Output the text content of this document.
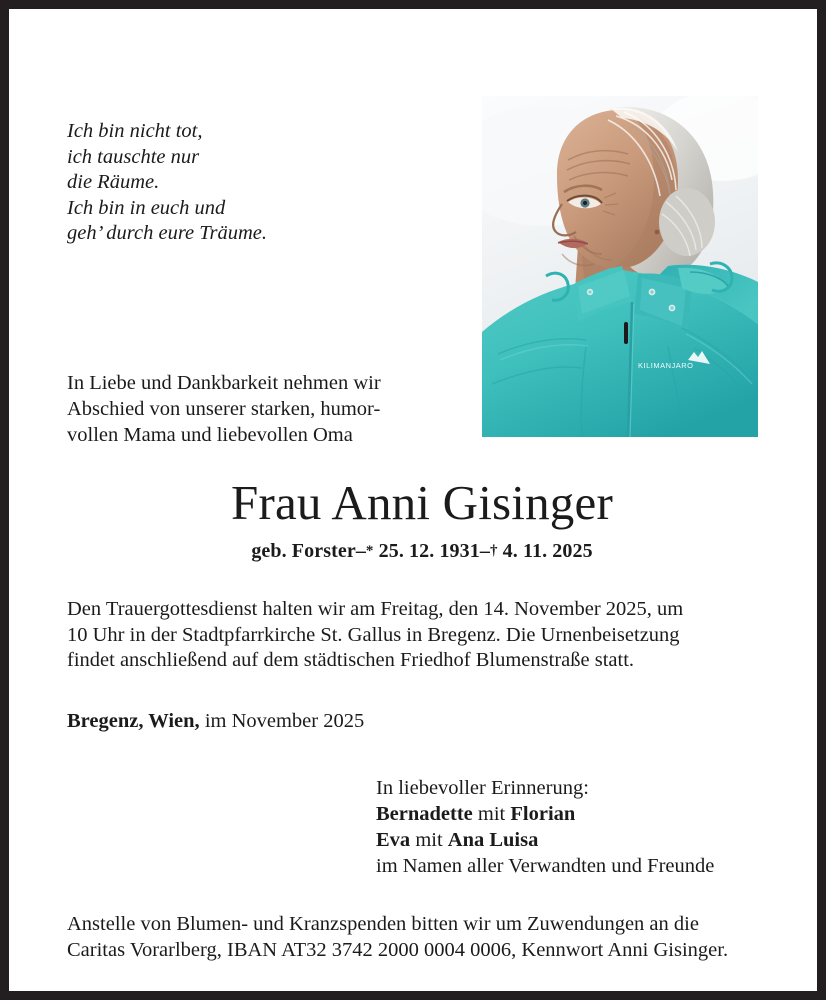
Ich bin nicht tot,
ich tauschte nur
die Räume.
Ich bin in euch und
geh’ durch eure Träume.
KILIMANJARO
In Liebe und Dankbarkeit nehmen wir
Abschied von unserer starken, humor-
vollen Mama und liebevollen Oma
Frau Anni Gisinger
geb. Forster–* 25. 12. 1931–† 4. 11. 2025
Den Trauergottesdienst halten wir am Freitag, den 14. November 2025, um
10 Uhr in der Stadtpfarrkirche St. Gallus in Bregenz. Die Urnenbeisetzung
findet anschließend auf dem städtischen Friedhof Blumenstraße statt.
Bregenz, Wien, im November 2025
In liebevoller Erinnerung:
Bernadette mit Florian
Eva mit Ana Luisa
im Namen aller Verwandten und Freunde
Anstelle von Blumen- und Kranzspenden bitten wir um Zuwendungen an die
Caritas Vorarlberg, IBAN AT32 3742 2000 0004 0006, Kennwort Anni Gisinger.
